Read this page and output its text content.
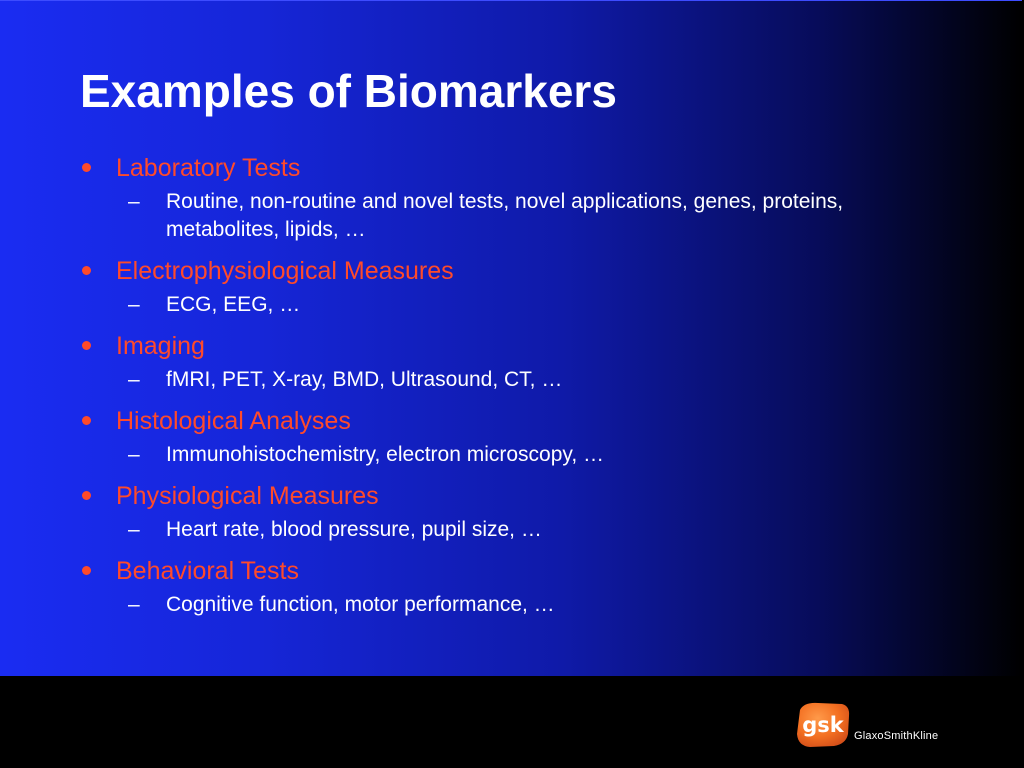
Examples of Biomarkers
Laboratory Tests
–	Routine, non-routine and novel tests, novel applications, genes, proteins, metabolites, lipids, …
Electrophysiological Measures
–	ECG, EEG, …
Imaging
–	fMRI, PET, X-ray, BMD, Ultrasound, CT, …
Histological Analyses
–	Immunohistochemistry, electron microscopy, …
Physiological Measures
–	Heart rate, blood pressure, pupil size, …
Behavioral Tests
–	Cognitive function, motor performance, …
gsk GlaxoSmithKline
